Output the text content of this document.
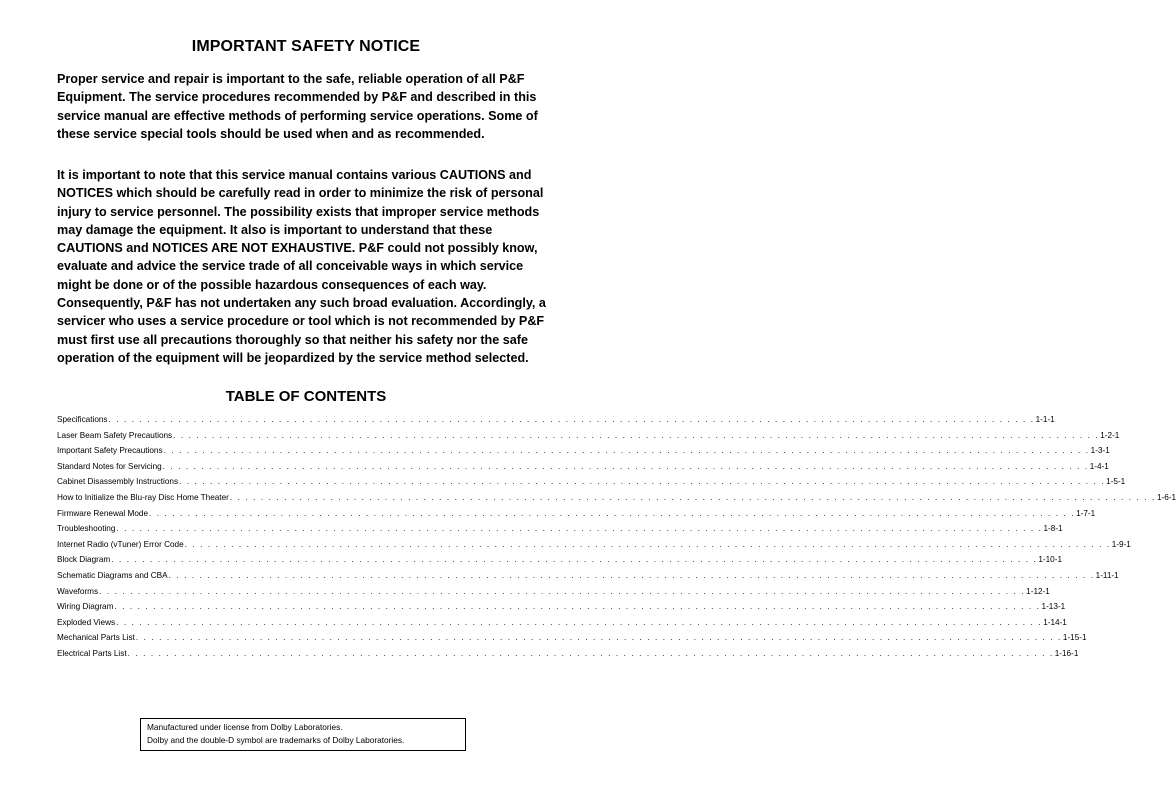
IMPORTANT SAFETY NOTICE

Proper service and repair is important to the safe, reliable operation of all P&F Equipment. The service procedures recommended by P&F and described in this service manual are effective methods of performing service operations. Some of these service special tools should be used when and as recommended.

It is important to note that this service manual contains various CAUTIONS and NOTICES which should be carefully read in order to minimize the risk of personal injury to service personnel. The possibility exists that improper service methods may damage the equipment. It also is important to understand that these CAUTIONS and NOTICES ARE NOT EXHAUSTIVE. P&F could not possibly know, evaluate and advice the service trade of all conceivable ways in which service might be done or of the possible hazardous consequences of each way. Consequently, P&F has not undertaken any such broad evaluation. Accordingly, a servicer who uses a service procedure or tool which is not recommended by P&F must first use all precautions thoroughly so that neither his safety nor the safe operation of the equipment will be jeopardized by the service method selected.

TABLE OF CONTENTS
Specifications . . . . . . . . . . . . . . . . . . . . . . . . . . . . . . . . . . . . . . . . . . . . . . . . . . . . . . . . . . . . . . . . . . . . . . . . . . . . . . . . . . . . . . . . . . . . . . . . . . . . . . . . . . . . . . . . . . . . . . . . 1-1-1
Laser Beam Safety Precautions . . . . . . . . . . . . . . . . . . . . . . . . . . . . . . . . . . . . . . . . . . . . . . . . . . . . . . . . . . . . . . . . . . . . . . . . . . . . . . . . . . . . . . . . . . . . . . . . . . . . . . . . . . . . . . . . . . . . . . . . 1-2-1
Important Safety Precautions . . . . . . . . . . . . . . . . . . . . . . . . . . . . . . . . . . . . . . . . . . . . . . . . . . . . . . . . . . . . . . . . . . . . . . . . . . . . . . . . . . . . . . . . . . . . . . . . . . . . . . . . . . . . . . . . . . . . . . . . 1-3-1
Standard Notes for Servicing . . . . . . . . . . . . . . . . . . . . . . . . . . . . . . . . . . . . . . . . . . . . . . . . . . . . . . . . . . . . . . . . . . . . . . . . . . . . . . . . . . . . . . . . . . . . . . . . . . . . . . . . . . . . . . . . . . . . . . . . 1-4-1
Cabinet Disassembly Instructions . . . . . . . . . . . . . . . . . . . . . . . . . . . . . . . . . . . . . . . . . . . . . . . . . . . . . . . . . . . . . . . . . . . . . . . . . . . . . . . . . . . . . . . . . . . . . . . . . . . . . . . . . . . . . . . . . . . . . . . . 1-5-1
How to Initialize the Blu-ray Disc Home Theater . . . . . . . . . . . . . . . . . . . . . . . . . . . . . . . . . . . . . . . . . . . . . . . . . . . . . . . . . . . . . . . . . . . . . . . . . . . . . . . . . . . . . . . . . . . . . . . . . . . . . . . . . . . . . . . . . . . . . . . . 1-6-1
Firmware Renewal Mode . . . . . . . . . . . . . . . . . . . . . . . . . . . . . . . . . . . . . . . . . . . . . . . . . . . . . . . . . . . . . . . . . . . . . . . . . . . . . . . . . . . . . . . . . . . . . . . . . . . . . . . . . . . . . . . . . . . . . . . . 1-7-1
Troubleshooting . . . . . . . . . . . . . . . . . . . . . . . . . . . . . . . . . . . . . . . . . . . . . . . . . . . . . . . . . . . . . . . . . . . . . . . . . . . . . . . . . . . . . . . . . . . . . . . . . . . . . . . . . . . . . . . . . . . . . . . . 1-8-1
Internet Radio (vTuner) Error Code . . . . . . . . . . . . . . . . . . . . . . . . . . . . . . . . . . . . . . . . . . . . . . . . . . . . . . . . . . . . . . . . . . . . . . . . . . . . . . . . . . . . . . . . . . . . . . . . . . . . . . . . . . . . . . . . . . . . . . . . 1-9-1
Block Diagram . . . . . . . . . . . . . . . . . . . . . . . . . . . . . . . . . . . . . . . . . . . . . . . . . . . . . . . . . . . . . . . . . . . . . . . . . . . . . . . . . . . . . . . . . . . . . . . . . . . . . . . . . . . . . . . . . . . . . . . . 1-10-1
Schematic Diagrams and CBA . . . . . . . . . . . . . . . . . . . . . . . . . . . . . . . . . . . . . . . . . . . . . . . . . . . . . . . . . . . . . . . . . . . . . . . . . . . . . . . . . . . . . . . . . . . . . . . . . . . . . . . . . . . . . . . . . . . . . . . . 1-11-1
Waveforms . . . . . . . . . . . . . . . . . . . . . . . . . . . . . . . . . . . . . . . . . . . . . . . . . . . . . . . . . . . . . . . . . . . . . . . . . . . . . . . . . . . . . . . . . . . . . . . . . . . . . . . . . . . . . . . . . . . . . . . . 1-12-1
Wiring Diagram . . . . . . . . . . . . . . . . . . . . . . . . . . . . . . . . . . . . . . . . . . . . . . . . . . . . . . . . . . . . . . . . . . . . . . . . . . . . . . . . . . . . . . . . . . . . . . . . . . . . . . . . . . . . . . . . . . . . . . . . 1-13-1
Exploded Views . . . . . . . . . . . . . . . . . . . . . . . . . . . . . . . . . . . . . . . . . . . . . . . . . . . . . . . . . . . . . . . . . . . . . . . . . . . . . . . . . . . . . . . . . . . . . . . . . . . . . . . . . . . . . . . . . . . . . . . . 1-14-1
Mechanical Parts List . . . . . . . . . . . . . . . . . . . . . . . . . . . . . . . . . . . . . . . . . . . . . . . . . . . . . . . . . . . . . . . . . . . . . . . . . . . . . . . . . . . . . . . . . . . . . . . . . . . . . . . . . . . . . . . . . . . . . . . . 1-15-1
Electrical Parts List . . . . . . . . . . . . . . . . . . . . . . . . . . . . . . . . . . . . . . . . . . . . . . . . . . . . . . . . . . . . . . . . . . . . . . . . . . . . . . . . . . . . . . . . . . . . . . . . . . . . . . . . . . . . . . . . . . . . . . . . 1-16-1
Manufactured under license from Dolby Laboratories.
Dolby and the double-D symbol are trademarks of Dolby Laboratories.
